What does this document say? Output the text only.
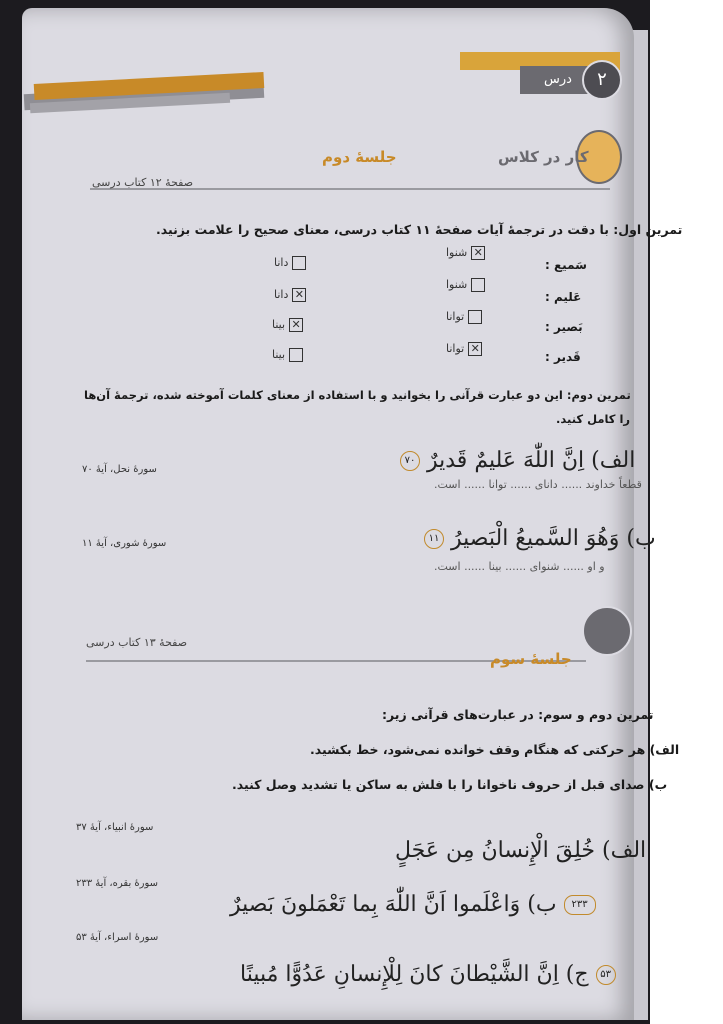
درس	۲
کار در کلاس
جلسهٔ دوم
صفحهٔ ۱۲ کتاب درسی
تمرین اول: با دقت در ترجمهٔ آیات صفحهٔ ۱۱ کتاب درسی، معنای صحیح را علامت بزنید.
سَمیع :
✕شنوا
دانا
عَلیم :
شنوا
✕دانا
بَصیر :
توانا
✕بینا
قَدیر :
✕توانا
بینا
تمرین دوم: این دو عبارت قرآنی را بخوانید و با استفاده از معنای کلمات آموخته شده، ترجمهٔ آن‌ها
را کامل کنید.
الف) اِنَّ اللّٰهَ عَلیمٌ قَدیرٌ ۷۰
سورهٔ نحل، آیهٔ ۷۰
قطعاً خداوند ...... دانای ...... توانا ...... است.
ب) وَهُوَ السَّمیعُ الْبَصیرُ ۱۱
سورهٔ شوری، آیهٔ ۱۱
و او ...... شنوای ...... بینا ...... است.
صفحهٔ ۱۳ کتاب درسی
جلسهٔ سوم
تمرین دوم و سوم: در عبارت‌های قرآنی زیر:
الف) هر حرکتی که هنگام وقف خوانده نمی‌شود، خط بکشید.
ب) صدای قبل از حروف ناخوانا را با فلش به ساکن یا تشدید وصل کنید.
الف) خُلِقَ الْإِنسانُ مِن عَجَلٍ
سورهٔ انبیاء، آیهٔ ۳۷
۲۳۳ ب) وَاعْلَموا اَنَّ اللّٰهَ بِما تَعْمَلونَ بَصیرٌ
سورهٔ بقره، آیهٔ ۲۳۳
۵۳ ج) اِنَّ الشَّيْطانَ كانَ لِلْإِنسانِ عَدُوًّا مُبينًا
سورهٔ اسراء، آیهٔ ۵۳
